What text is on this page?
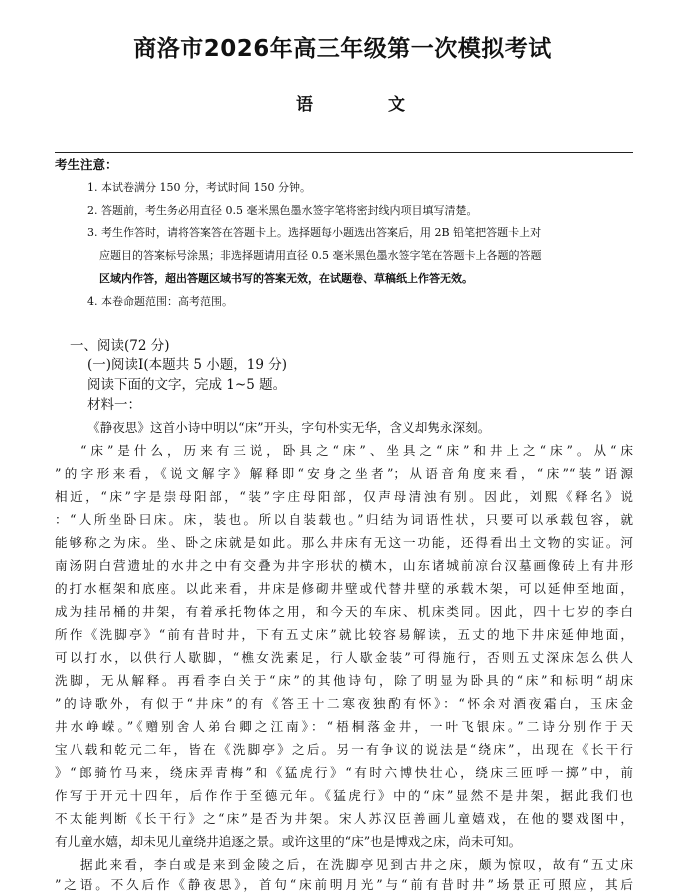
商洛市2026年高三年级第一次模拟考试
语	文
考生注意：
1. 本试卷满分 150 分，考试时间 150 分钟。
2. 答题前，考生务必用直径 0.5 毫米黑色墨水签字笔将密封线内项目填写清楚。
3. 考生作答时，请将答案答在答题卡上。选择题每小题选出答案后，用 2B 铅笔把答题卡上对
应题目的答案标号涂黑；非选择题请用直径 0.5 毫米黑色墨水签字笔在答题卡上各题的答题
区域内作答，超出答题区域书写的答案无效，在试题卷、草稿纸上作答无效。
4. 本卷命题范围：高考范围。
一、阅读(72 分)
(一)阅读Ⅰ(本题共 5 小题，19 分)
阅读下面的文字，完成 1~5 题。
材料一：
《静夜思》这首小诗中明以“床”开头，字句朴实无华，含义却隽永深刻。
“床”是什么，历来有三说，卧具之“床”、坐具之“床”和井上之“床”。从“床
”的字形来看，《说文解字》解释即“安身之坐者”；从语音角度来看，“床”“装”语源
相近，“床”字是崇母阳部，“装”字庄母阳部，仅声母清浊有别。因此，刘熙《释名》说
：“人所坐卧曰床。床，装也。所以自装载也。”归结为词语性状，只要可以承载包容，就
能够称之为床。坐、卧之床就是如此。那么井床有无这一功能，还得看出土文物的实证。河
南汤阴白营遗址的水井之中有交叠为井字形状的横木，山东诸城前凉台汉墓画像砖上有井形
的打水框架和底座。以此来看，井床是修砌井壁或代替井壁的承载木架，可以延伸至地面，
成为挂吊桶的井架，有着承托物体之用，和今天的车床、机床类同。因此，四十七岁的李白
所作《洗脚亭》“前有昔时井，下有五丈床”就比较容易解读，五丈的地下井床延伸地面，
可以打水，以供行人歇脚，“樵女洗素足，行人歇金装”可得施行，否则五丈深床怎么供人
洗脚，无从解释。再看李白关于“床”的其他诗句，除了明显为卧具的“床”和标明“胡床
”的诗歌外，有似于“井床”的有《答王十二寒夜独酌有怀》：“怀余对酒夜霜白，玉床金
井水峥嵘。”《赠别舍人弟台卿之江南》：“梧桐落金井，一叶飞银床。”二诗分别作于天
宝八载和乾元二年，皆在《洗脚亭》之后。另一有争议的说法是“绕床”，出现在《长干行
》“郎骑竹马来，绕床弄青梅”和《猛虎行》“有时六博快壮心，绕床三匝呼一掷”中，前
作写于开元十四年，后作作于至德元年。《猛虎行》中的“床”显然不是井架，据此我们也
不太能判断《长干行》之“床”是否为井架。宋人苏汉臣善画儿童嬉戏，在他的婴戏图中，
有儿童水嬉，却未见儿童绕井追逐之景。或许这里的“床”也是博戏之床，尚未可知。
据此来看，李白或是来到金陵之后，在洗脚亭见到古井之床，颇为惊叹，故有“五丈床
”之语。不久后作《静夜思》，首句“床前明月光”与“前有昔时井”场景正可照应，其后
